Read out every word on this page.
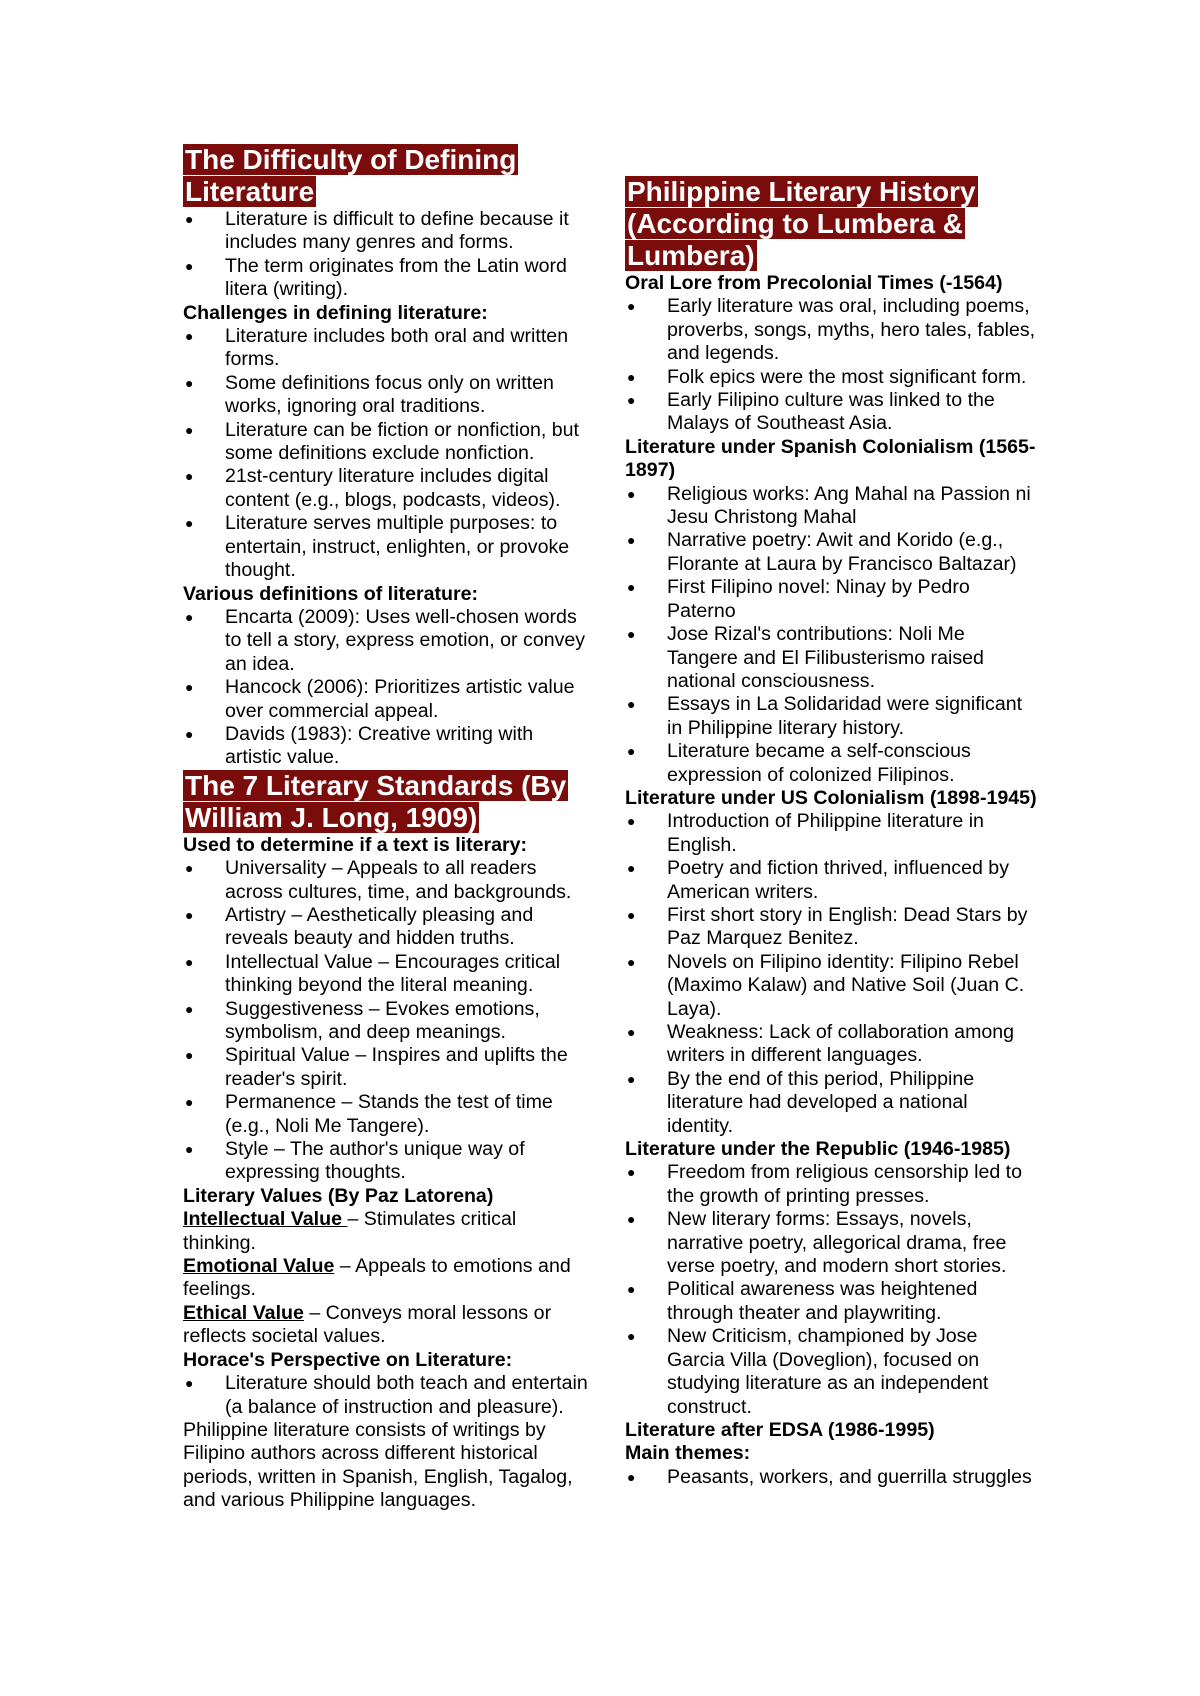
The Difficulty of Defining Literature

● Literature is difficult to define because it includes many genres and forms.
● The term originates from the Latin word litera (writing).

Challenges in defining literature:

● Literature includes both oral and written forms.
● Some definitions focus only on written works, ignoring oral traditions.
● Literature can be fiction or nonfiction, but some definitions exclude nonfiction.
● 21st-century literature includes digital content (e.g., blogs, podcasts, videos).
● Literature serves multiple purposes: to entertain, instruct, enlighten, or provoke thought.

Various definitions of literature:

● Encarta (2009): Uses well-chosen words to tell a story, express emotion, or convey an idea.
● Hancock (2006): Prioritizes artistic value over commercial appeal.
● Davids (1983): Creative writing with artistic value.

The 7 Literary Standards (By William J. Long, 1909)

Used to determine if a text is literary:

● Universality – Appeals to all readers across cultures, time, and backgrounds.
● Artistry – Aesthetically pleasing and reveals beauty and hidden truths.
● Intellectual Value – Encourages critical thinking beyond the literal meaning.
● Suggestiveness – Evokes emotions, symbolism, and deep meanings.
● Spiritual Value – Inspires and uplifts the reader's spirit.
● Permanence – Stands the test of time (e.g., Noli Me Tangere).
● Style – The author's unique way of expressing thoughts.

Literary Values (By Paz Latorena)

Intellectual Value – Stimulates critical thinking.

Emotional Value – Appeals to emotions and feelings.

Ethical Value – Conveys moral lessons or reflects societal values.

Horace's Perspective on Literature:

● Literature should both teach and entertain (a balance of instruction and pleasure).

Philippine literature consists of writings by Filipino authors across different historical periods, written in Spanish, English, Tagalog, and various Philippine languages.

Philippine Literary History (According to Lumbera & Lumbera)

Oral Lore from Precolonial Times (-1564)

● Early literature was oral, including poems, proverbs, songs, myths, hero tales, fables, and legends.
● Folk epics were the most significant form.
● Early Filipino culture was linked to the Malays of Southeast Asia.

Literature under Spanish Colonialism (1565-1897)

● Religious works: Ang Mahal na Passion ni Jesu Christong Mahal
● Narrative poetry: Awit and Korido (e.g., Florante at Laura by Francisco Baltazar)
● First Filipino novel: Ninay by Pedro Paterno
● Jose Rizal's contributions: Noli Me Tangere and El Filibusterismo raised national consciousness.
● Essays in La Solidaridad were significant in Philippine literary history.
● Literature became a self-conscious expression of colonized Filipinos.

Literature under US Colonialism (1898-1945)

● Introduction of Philippine literature in English.
● Poetry and fiction thrived, influenced by American writers.
● First short story in English: Dead Stars by Paz Marquez Benitez.
● Novels on Filipino identity: Filipino Rebel (Maximo Kalaw) and Native Soil (Juan C. Laya).
● Weakness: Lack of collaboration among writers in different languages.
● By the end of this period, Philippine literature had developed a national identity.

Literature under the Republic (1946-1985)

● Freedom from religious censorship led to the growth of printing presses.
● New literary forms: Essays, novels, narrative poetry, allegorical drama, free verse poetry, and modern short stories.
● Political awareness was heightened through theater and playwriting.
● New Criticism, championed by Jose Garcia Villa (Doveglion), focused on studying literature as an independent construct.

Literature after EDSA (1986-1995)

Main themes:

● Peasants, workers, and guerrilla struggles
